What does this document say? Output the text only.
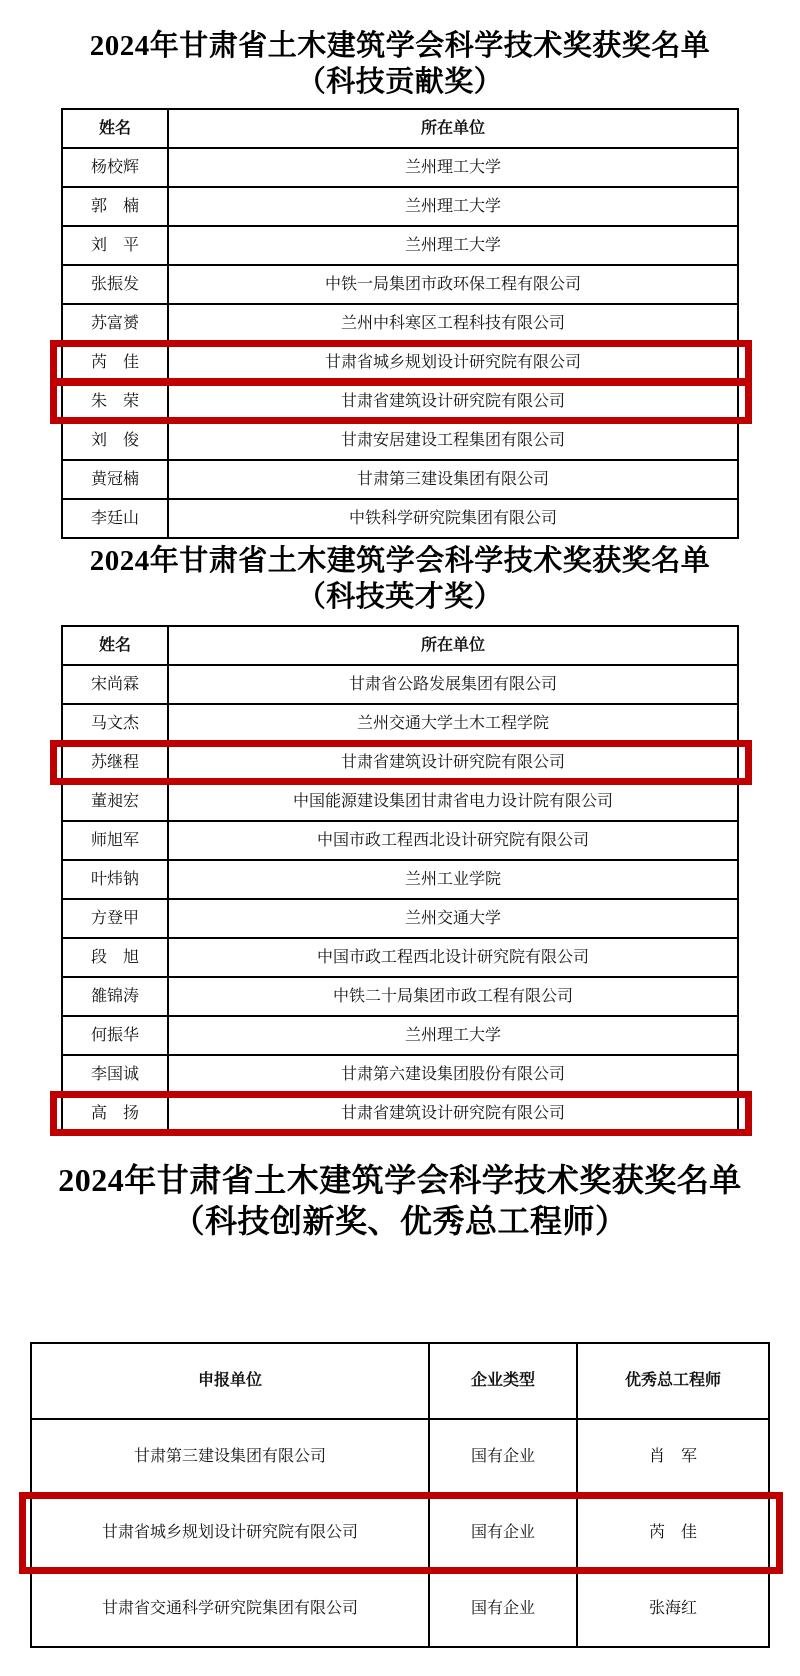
2024年甘肃省土木建筑学会科学技术奖获奖名单
（科技贡献奖）
姓名	所在单位
杨校辉	兰州理工大学
郭　楠	兰州理工大学
刘　平	兰州理工大学
张振发	中铁一局集团市政环保工程有限公司
苏富赟	兰州中科寒区工程科技有限公司
芮　佳	甘肃省城乡规划设计研究院有限公司
朱　荣	甘肃省建筑设计研究院有限公司
刘　俊	甘肃安居建设工程集团有限公司
黄冠楠	甘肃第三建设集团有限公司
李廷山	中铁科学研究院集团有限公司
2024年甘肃省土木建筑学会科学技术奖获奖名单
（科技英才奖）
姓名	所在单位
宋尚霖	甘肃省公路发展集团有限公司
马文杰	兰州交通大学土木工程学院
苏继程	甘肃省建筑设计研究院有限公司
董昶宏	中国能源建设集团甘肃省电力设计院有限公司
师旭军	中国市政工程西北设计研究院有限公司
叶炜钠	兰州工业学院
方登甲	兰州交通大学
段　旭	中国市政工程西北设计研究院有限公司
雒锦涛	中铁二十局集团市政工程有限公司
何振华	兰州理工大学
李国诚	甘肃第六建设集团股份有限公司
高　扬	甘肃省建筑设计研究院有限公司
2024年甘肃省土木建筑学会科学技术奖获奖名单
（科技创新奖、优秀总工程师）
申报单位	企业类型	优秀总工程师
甘肃第三建设集团有限公司	国有企业	肖　军
甘肃省城乡规划设计研究院有限公司	国有企业	芮　佳
甘肃省交通科学研究院集团有限公司	国有企业	张海红
